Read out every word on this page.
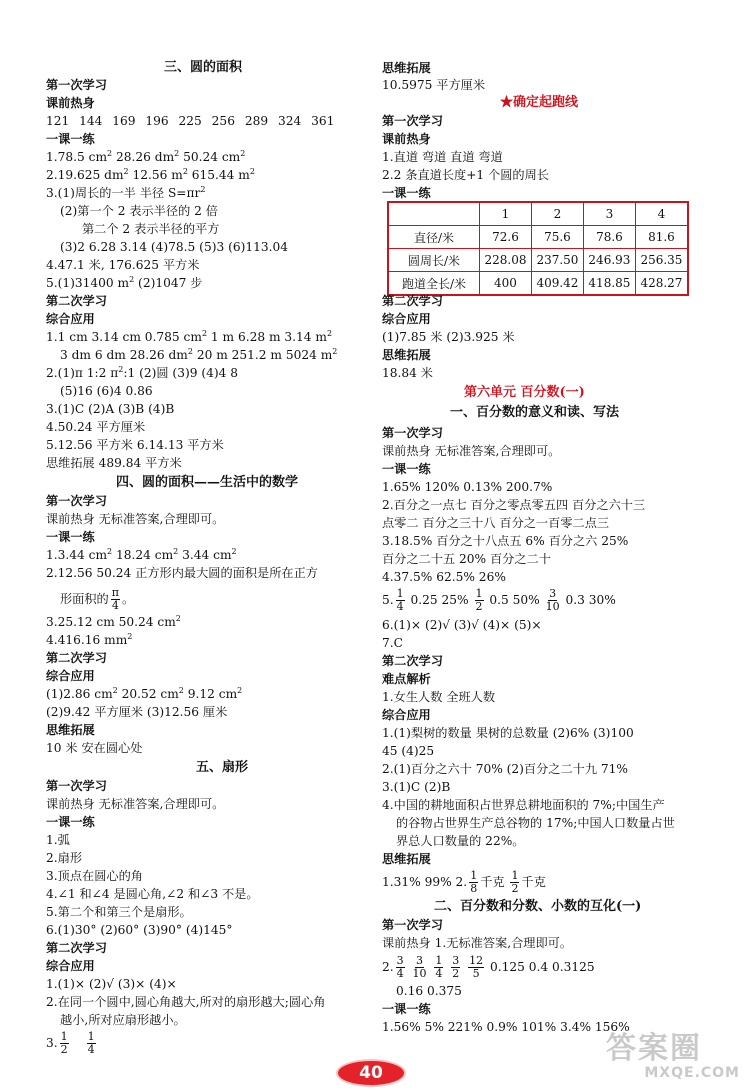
三、圆的面积
第一次学习
课前热身
121 144 169 196 225 256 289 324 361
一课一练
1.78.5 $cm^2$ 28.26 $dm^2$ 50.24 $cm^2$
2.19.625 $dm^2$ 12.56 $m^2$ 615.44 $m^2$
3.(1)周长的一半 半径 $S=\pi r^2$
(2)第一个 2 表示半径的 2 倍
第二个 2 表示半径的平方
(3)2 6.28 3.14 (4)78.5 (5)3 (6)113.04
4.47.1 米, 176.625 平方米
5.(1)31400 $m^2$ (2)1047 步
第二次学习
综合应用
1.1 cm 3.14 cm 0.785 $cm^2$ 1 m 6.28 m 3.14 $m^2$
3 dm 6 dm 28.26 $dm^2$ 20 m 251.2 m 5024 $m^2$
2.(1)π 1:2 $\pi^2:1$ (2)圆 (3)9 (4)4 8
(5)16 (6)4 0.86
3.(1)C (2)A (3)B (4)B
4.50.24 平方厘米
5.12.56 平方米 6.14.13 平方米
思维拓展 489.84 平方米
四、圆的面积——生活中的数学
第一次学习
课前热身 无标准答案,合理即可。
一课一练
1.3.44 $cm^2$ 18.24 $cm^2$ 3.44 $cm^2$
2.12.56 50.24 正方形内最大圆的面积是所在正方
形面积的 $\frac{\pi}{4}$ 。
3.25.12 cm 50.24 $cm^2$
4.416.16 $mm^2$
第二次学习
综合应用
(1)2.86 $cm^2$ 20.52 $cm^2$ 9.12 $cm^2$
(2)9.42 平方厘米 (3)12.56 厘米
思维拓展
10 米 安在圆心处
五、扇形
第一次学习
课前热身 无标准答案,合理即可。
一课一练
1.弧
2.扇形
3.顶点在圆心的角
4.∠1 和∠4 是圆心角,∠2 和∠3 不是。
5.第二个和第三个是扇形。
6.(1)30° (2)60° (3)90° (4)145°
第二次学习
综合应用
1.(1)× (2)√ (3)× (4)×
2.在同一个圆中,圆心角越大,所对的扇形越大;圆心角
越小,所对应扇形越小。
3. $\frac{1}{2} \frac{1}{4}$
思维拓展
10.5975 平方厘米
★确定起跑线
第一次学习
课前热身
1.直道 弯道 直道 弯道
2.2 条直道长度+1 个圆的周长
一课一练
	1	2	3	4
直径/米	72.6	75.6	78.6	81.6
圆周长/米	228.08	237.50	246.93	256.35
跑道全长/米	400	409.42	418.85	428.27
第二次学习
综合应用
(1)7.85 米 (2)3.925 米
思维拓展
18.84 米
第六单元 百分数(一)
一、百分数的意义和读、写法
第一次学习
课前热身 无标准答案,合理即可。
一课一练
1.65% 120% 0.13% 200.7%
2.百分之一点七 百分之零点零五四 百分之六十三
点零二 百分之三十八 百分之一百零二点三
3.18.5% 百分之十八点五 6% 百分之六 25%
百分之二十五 20% 百分之二十
4.37.5% 62.5% 26%
5. $\frac{1}{4} 0.25$ $25\% \frac{1}{2} 0.5$ $50\% \frac{3}{10} 0.3$ 30%
6.(1)× (2)√ (3)√ (4)× (5)×
7.C
第二次学习
难点解析
1.女生人数 全班人数
综合应用
1.(1)梨树的数量 果树的总数量 (2)6% (3)100
45 (4)25
2.(1)百分之六十 70% (2)百分之二十九 71%
3.(1)C (2)B
4.中国的耕地面积占世界总耕地面积的 7%;中国生产
的谷物占世界生产总谷物的 17%;中国人口数量占世
界总人口数量的 22%。
思维拓展
1.31% 99% 2. $\frac{1}{8}$ 千克 $\frac{1}{2}$ 千克
二、百分数和分数、小数的互化(一)
第一次学习
课前热身 1.无标准答案,合理即可。
2. $\frac{3}{4}$
$\frac{3}{10}$
$\frac{1}{4}$
$\frac{3}{2}$
$\frac{12}{5} 0.125$ 0.4 0.3125
0.16 0.375
一课一练
1.56% 5% 221% 0.9% 101% 3.4% 156%
40
答案圈
MXQE.COM
